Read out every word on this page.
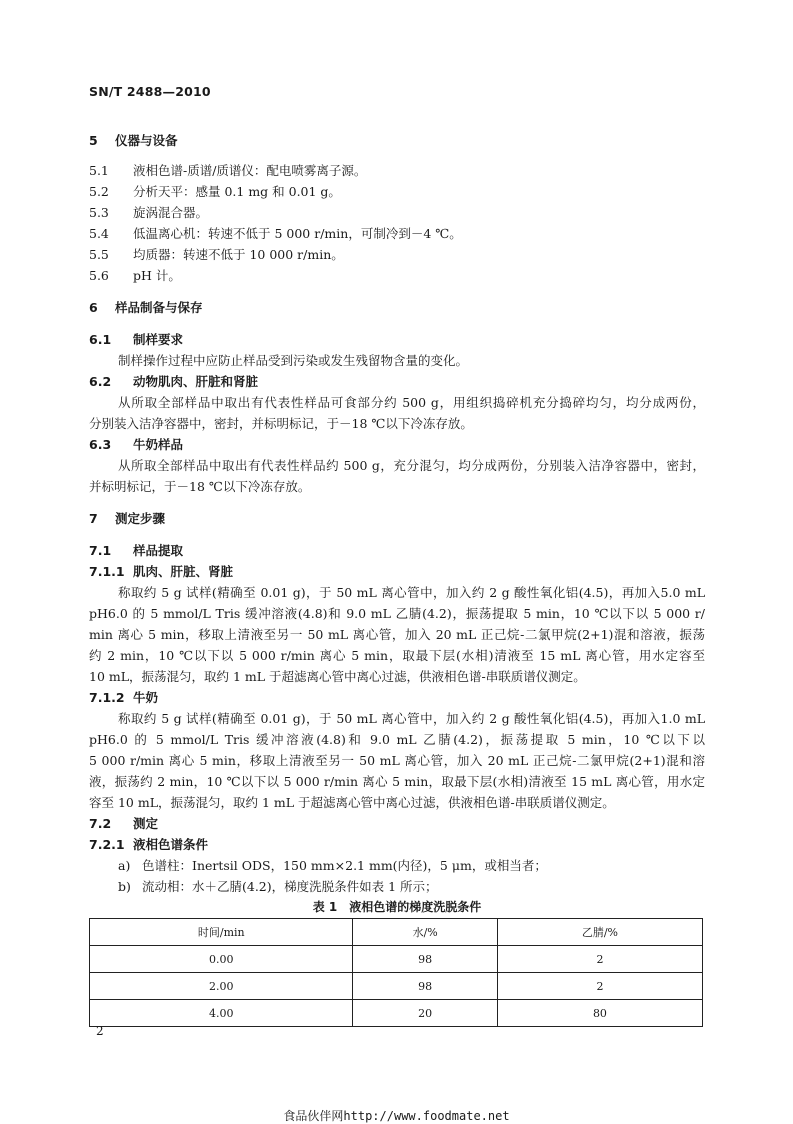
SN/T 2488—2010
5 仪器与设备
5.1 液相色谱-质谱/质谱仪：配电喷雾离子源。
5.2 分析天平：感量 0.1 mg 和 0.01 g。
5.3 旋涡混合器。
5.4 低温离心机：转速不低于 5 000 r/min，可制冷到－4 ℃。
5.5 均质器：转速不低于 10 000 r/min。
5.6 pH 计。
6 样品制备与保存
6.1 制样要求
制样操作过程中应防止样品受到污染或发生残留物含量的变化。
6.2 动物肌肉、肝脏和肾脏
从所取全部样品中取出有代表性样品可食部分约 500 g，用组织捣碎机充分捣碎均匀，均分成两份，
分别装入洁净容器中，密封，并标明标记，于－18 ℃以下冷冻存放。
6.3 牛奶样品
从所取全部样品中取出有代表性样品约 500 g，充分混匀，均分成两份，分别装入洁净容器中，密封，
并标明标记，于－18 ℃以下冷冻存放。
7 测定步骤
7.1 样品提取
7.1.1 肌肉、肝脏、肾脏
称取约 5 g 试样(精确至 0.01 g)，于 50 mL 离心管中，加入约 2 g 酸性氧化铝(4.5)，再加入5.0 mL
pH6.0 的 5 mmol/L Tris 缓冲溶液(4.8)和 9.0 mL 乙腈(4.2)，振荡提取 5 min，10 ℃以下以 5 000 r/
min 离心 5 min，移取上清液至另一 50 mL 离心管，加入 20 mL 正己烷-二氯甲烷(2+1)混和溶液，振荡
约 2 min，10 ℃以下以 5 000 r/min 离心 5 min，取最下层(水相)清液至 15 mL 离心管，用水定容至
10 mL，振荡混匀，取约 1 mL 于超滤离心管中离心过滤，供液相色谱-串联质谱仪测定。
7.1.2 牛奶
称取约 5 g 试样(精确至 0.01 g)，于 50 mL 离心管中，加入约 2 g 酸性氧化铝(4.5)，再加入1.0 mL
pH6.0 的 5 mmol/L Tris 缓冲溶液(4.8)和 9.0 mL 乙腈(4.2)，振荡提取 5 min，10 ℃以下以
5 000 r/min 离心 5 min，移取上清液至另一 50 mL 离心管，加入 20 mL 正己烷-二氯甲烷(2+1)混和溶
液，振荡约 2 min，10 ℃以下以 5 000 r/min 离心 5 min，取最下层(水相)清液至 15 mL 离心管，用水定
容至 10 mL，振荡混匀，取约 1 mL 于超滤离心管中离心过滤，供液相色谱-串联质谱仪测定。
7.2 测定
7.2.1 液相色谱条件
a) 色谱柱：Inertsil ODS，150 mm×2.1 mm(内径)，5 μm，或相当者；
b) 流动相：水＋乙腈(4.2)，梯度洗脱条件如表 1 所示；
表 1　液相色谱的梯度洗脱条件
时间/min	水/%	乙腈/%
0.00	98	2
2.00	98	2
4.00	20	80
2
食品伙伴网http://www.foodmate.net
